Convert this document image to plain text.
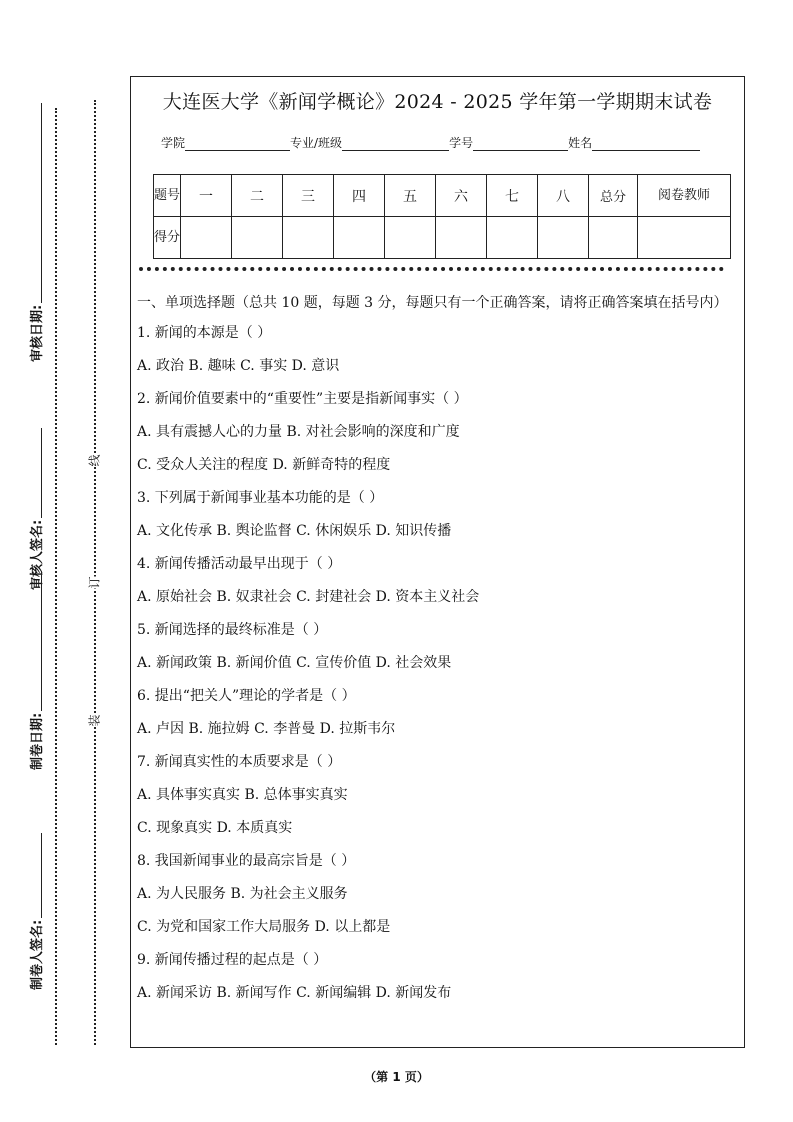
审核日期:
审核人签名:
制卷日期:
制卷人签名:
线
订
装
大连医大学《新闻学概论》2024 - 2025 学年第一学期期末试卷
学院	专业/班级	学号	姓名
题号	一	二	三	四	五	六	七	八	总分	阅卷教师
得分										

一、单项选择题（总共 10 题，每题 3 分，每题只有一个正确答案，请将正确答案填在括号内）

1. 新闻的本源是（ ）
A. 政治 B. 趣味 C. 事实 D. 意识
2. 新闻价值要素中的“重要性”主要是指新闻事实（ ）
A. 具有震撼人心的力量 B. 对社会影响的深度和广度
C. 受众人关注的程度 D. 新鲜奇特的程度
3. 下列属于新闻事业基本功能的是（ ）
A. 文化传承 B. 舆论监督 C. 休闲娱乐 D. 知识传播
4. 新闻传播活动最早出现于（ ）
A. 原始社会 B. 奴隶社会 C. 封建社会 D. 资本主义社会
5. 新闻选择的最终标准是（ ）
A. 新闻政策 B. 新闻价值 C. 宣传价值 D. 社会效果
6. 提出“把关人”理论的学者是（ ）
A. 卢因 B. 施拉姆 C. 李普曼 D. 拉斯韦尔
7. 新闻真实性的本质要求是（ ）
A. 具体事实真实 B. 总体事实真实
C. 现象真实 D. 本质真实
8. 我国新闻事业的最高宗旨是（ ）
A. 为人民服务 B. 为社会主义服务
C. 为党和国家工作大局服务 D. 以上都是
9. 新闻传播过程的起点是（ ）
A. 新闻采访 B. 新闻写作 C. 新闻编辑 D. 新闻发布
（第 1 页）
